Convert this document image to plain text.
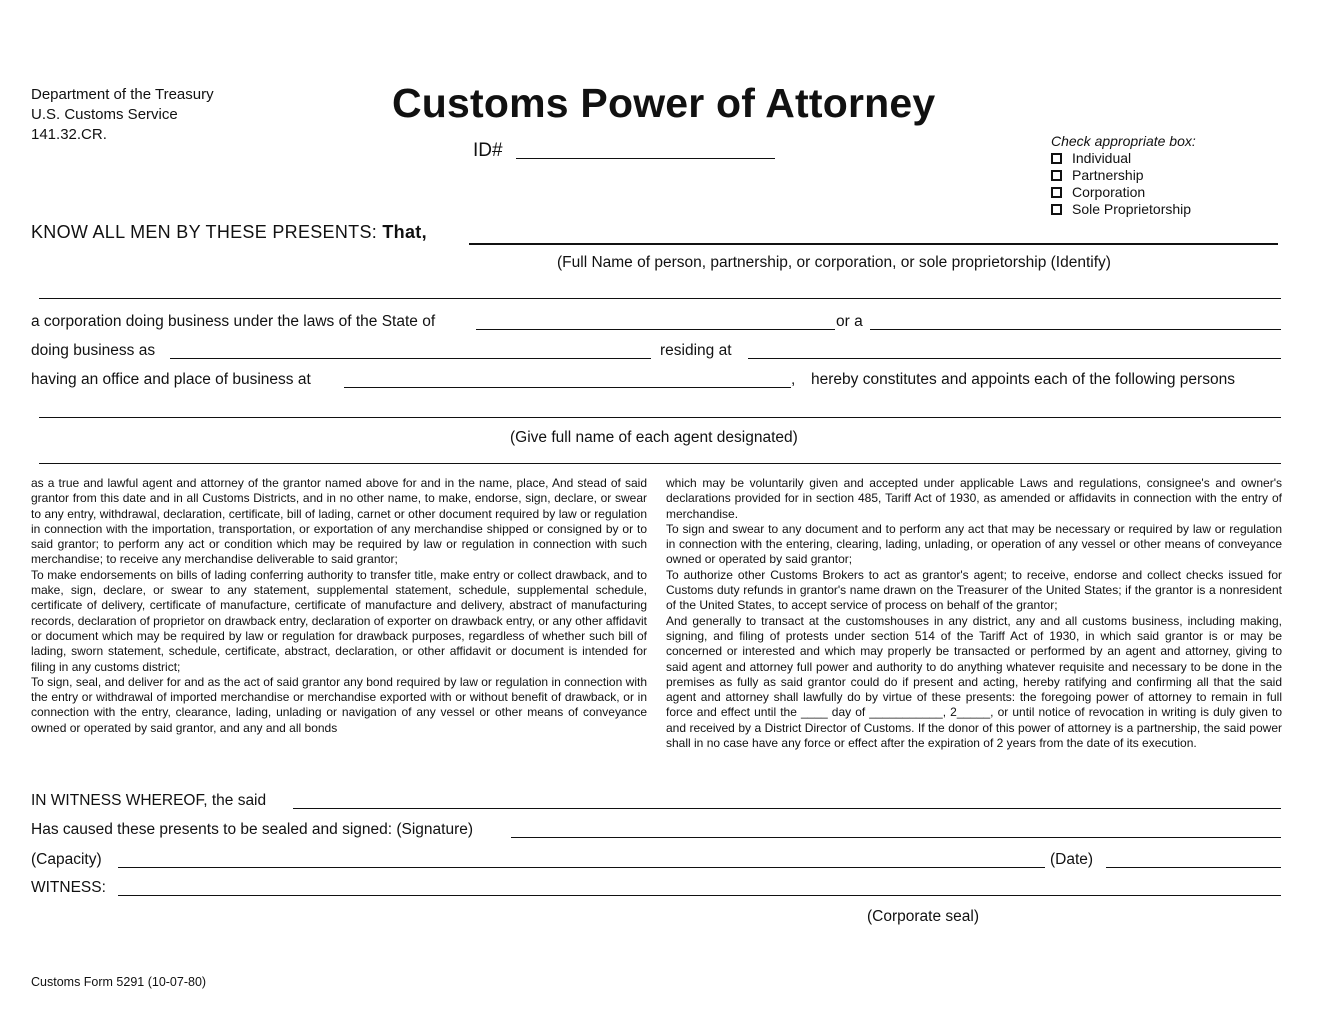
Department of the Treasury
U.S. Customs Service
141.32.CR.
Customs Power of Attorney
ID#	Check appropriate box:
Individual
Partnership
Corporation
Sole Proprietorship
KNOW ALL MEN BY THESE PRESENTS: That,
(Full Name of person, partnership, or corporation, or sole proprietorship (Identify)
a corporation doing business under the laws of the State of	or a
doing business as	residing at
having an office and place of business at	, hereby constitutes and appoints each of the following persons
(Give full name of each agent designated)

as a true and lawful agent and attorney of the grantor named above for and in the name, place, And stead of said grantor from this date and in all Customs Districts, and in no other name, to make, endorse, sign, declare, or swear to any entry, withdrawal, declaration, certificate, bill of lading, carnet or other document required by law or regulation in connection with the importation, transportation, or exportation of any merchandise shipped or consigned by or to said grantor; to perform any act or condition which may be required by law or regulation in connection with such merchandise; to receive any merchandise deliverable to said grantor;

To make endorsements on bills of lading conferring authority to transfer title, make entry or collect drawback, and to make, sign, declare, or swear to any statement, supplemental statement, schedule, supplemental schedule, certificate of delivery, certificate of manufacture, certificate of manufacture and delivery, abstract of manufacturing records, declaration of proprietor on drawback entry, declaration of exporter on drawback entry, or any other affidavit or document which may be required by law or regulation for drawback purposes, regardless of whether such bill of lading, sworn statement, schedule, certificate, abstract, declaration, or other affidavit or document is intended for filing in any customs district;

To sign, seal, and deliver for and as the act of said grantor any bond required by law or regulation in connection with the entry or withdrawal of imported merchandise or merchandise exported with or without benefit of drawback, or in connection with the entry, clearance, lading, unlading or navigation of any vessel or other means of conveyance owned or operated by said grantor, and any and all bonds

which may be voluntarily given and accepted under applicable Laws and regulations, consignee's and owner's declarations provided for in section 485, Tariff Act of 1930, as amended or affidavits in connection with the entry of merchandise.

To sign and swear to any document and to perform any act that may be necessary or required by law or regulation in connection with the entering, clearing, lading, unlading, or operation of any vessel or other means of conveyance owned or operated by said grantor;

To authorize other Customs Brokers to act as grantor's agent; to receive, endorse and collect checks issued for Customs duty refunds in grantor's name drawn on the Treasurer of the United States; if the grantor is a nonresident of the United States, to accept service of process on behalf of the grantor;

And generally to transact at the customshouses in any district, any and all customs business, including making, signing, and filing of protests under section 514 of the Tariff Act of 1930, in which said grantor is or may be concerned or interested and which may properly be transacted or performed by an agent and attorney, giving to said agent and attorney full power and authority to do anything whatever requisite and necessary to be done in the premises as fully as said grantor could do if present and acting, hereby ratifying and confirming all that the said agent and attorney shall lawfully do by virtue of these presents: the foregoing power of attorney to remain in full force and effect until the ____ day of ___________, 2_____, or until notice of revocation in writing is duly given to and received by a District Director of Customs. If the donor of this power of attorney is a partnership, the said power shall in no case have any force or effect after the expiration of 2 years from the date of its execution.

IN WITNESS WHEREOF, the said
Has caused these presents to be sealed and signed: (Signature)
(Capacity)	(Date)
WITNESS:
(Corporate seal)
Customs Form 5291 (10-07-80)
